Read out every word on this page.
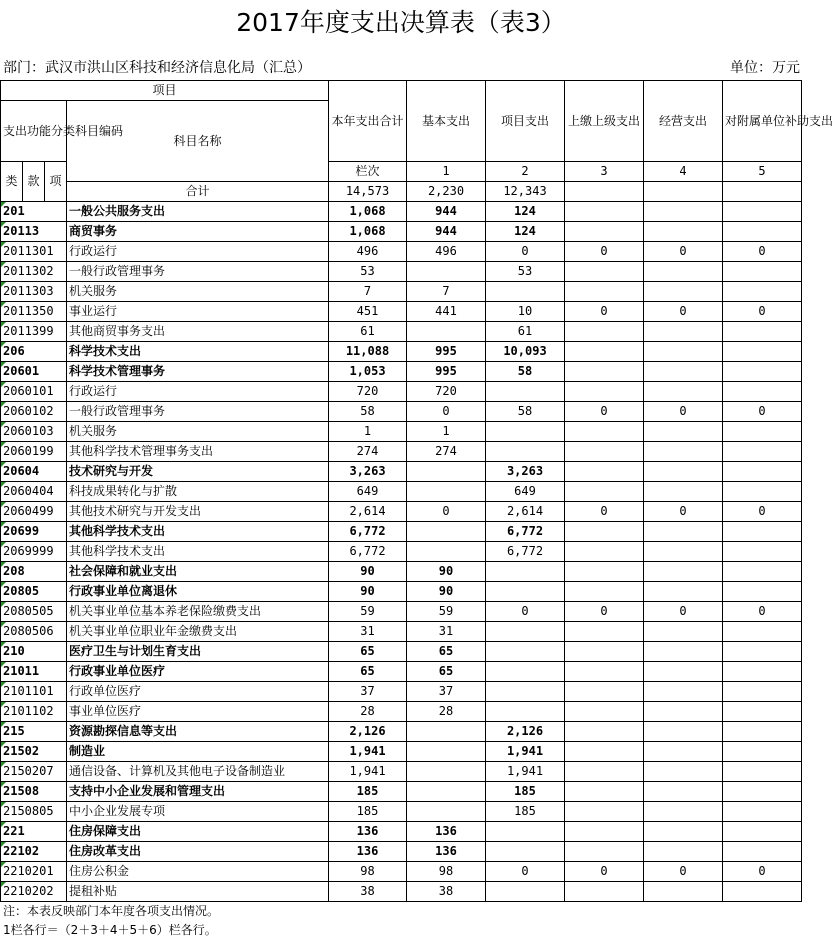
2017年度支出决算表（表3）
部门：武汉市洪山区科技和经济信息化局（汇总）	单位：万元
项目				本年支出合计	基本支出	项目支出	上缴上级支出	经营支出	对附属单位补助支出	
支出功能分类科目编码			科目名称							
类	款	项		栏次	1	2	3	4	5	
			合计	14,573	2,230	12,343				
201			一般公共服务支出	1,068	944	124				
20113			商贸事务	1,068	944	124				
2011301			行政运行	496	496	0	0	0	0	
2011302			一般行政管理事务	53		53				
2011303			机关服务	7	7					
2011350			事业运行	451	441	10	0	0	0	
2011399			其他商贸事务支出	61		61				
206			科学技术支出	11,088	995	10,093				
20601			科学技术管理事务	1,053	995	58				
2060101			行政运行	720	720					
2060102			一般行政管理事务	58	0	58	0	0	0	
2060103			机关服务	1	1					
2060199			其他科学技术管理事务支出	274	274					
20604			技术研究与开发	3,263		3,263				
2060404			科技成果转化与扩散	649		649				
2060499			其他技术研究与开发支出	2,614	0	2,614	0	0	0	
20699			其他科学技术支出	6,772		6,772				
2069999			其他科学技术支出	6,772		6,772				
208			社会保障和就业支出	90	90					
20805			行政事业单位离退休	90	90					
2080505			机关事业单位基本养老保险缴费支出	59	59	0	0	0	0	
2080506			机关事业单位职业年金缴费支出	31	31					
210			医疗卫生与计划生育支出	65	65					
21011			行政事业单位医疗	65	65					
2101101			行政单位医疗	37	37					
2101102			事业单位医疗	28	28					
215			资源勘探信息等支出	2,126		2,126				
21502			制造业	1,941		1,941				
2150207			通信设备、计算机及其他电子设备制造业	1,941		1,941				
21508			支持中小企业发展和管理支出	185		185				
2150805			中小企业发展专项	185		185				
221			住房保障支出	136	136					
22102			住房改革支出	136	136					
2210201			住房公积金	98	98	0	0	0	0	
2210202			提租补贴	38	38					
注：本表反映部门本年度各项支出情况。
1栏各行＝（2＋3＋4＋5＋6）栏各行。
